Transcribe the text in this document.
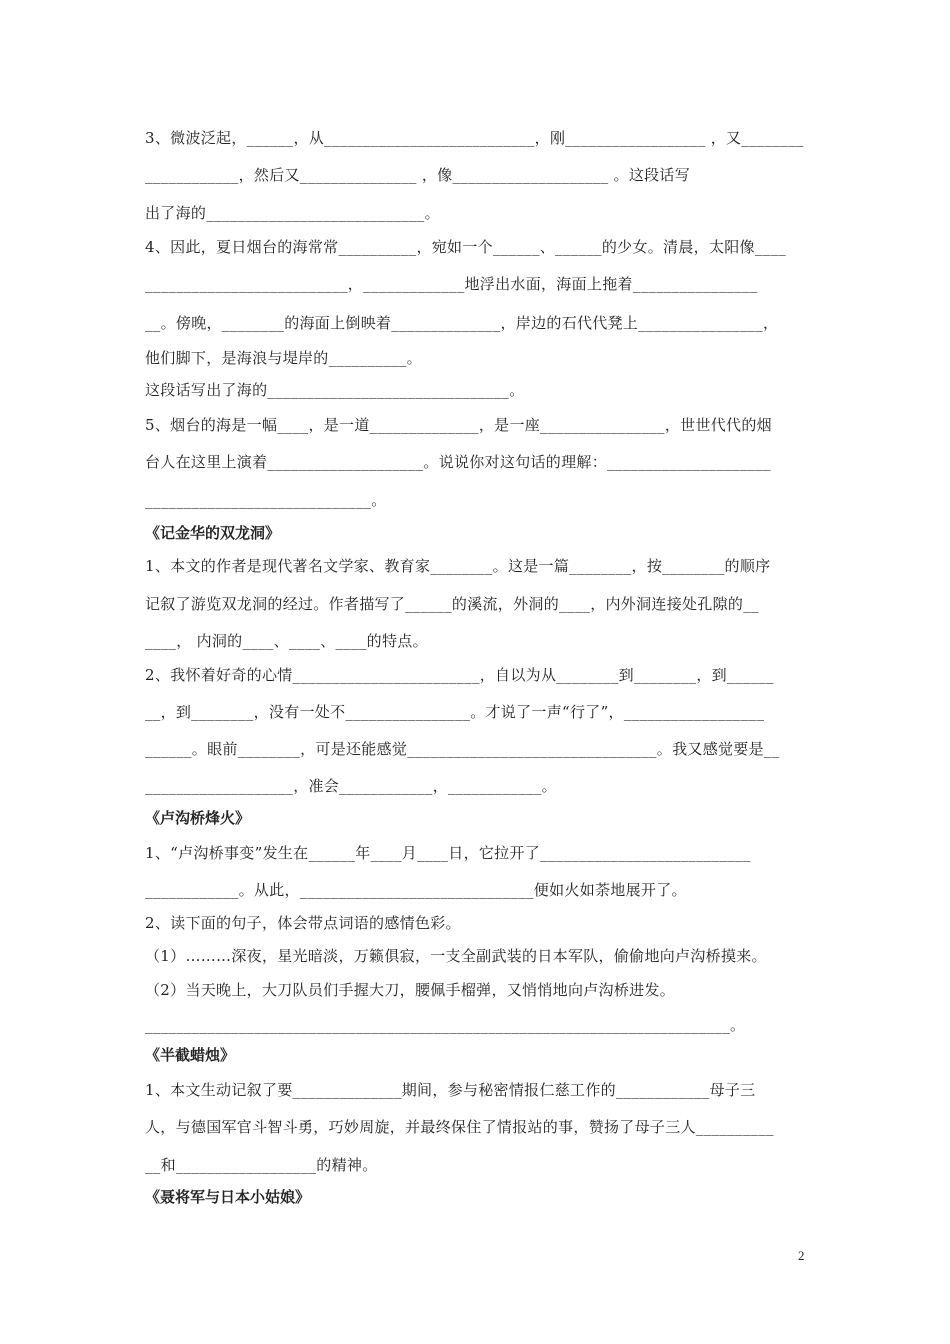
3、微波泛起，______，从___________________________，刚__________________ ，又________
____________，然后又_______________ ，像____________________ 。这段话写
出了海的____________________________。
4、因此，夏日烟台的海常常__________，宛如一个______、______的少女。清晨，太阳像____
__________________________，_____________地浮出水面，海面上拖着________________
__。傍晚，________的海面上倒映着______________，岸边的石代代凳上________________，
他们脚下，是海浪与堤岸的__________。
这段话写出了海的_______________________________。
5、烟台的海是一幅____，是一道______________，是一座________________，世世代代的烟
台人在这里上演着____________________。说说你对这句话的理解：_____________________
_____________________________。
《记金华的双龙洞》
1、本文的作者是现代著名文学家、教育家________。这是一篇________，按________的顺序
记叙了游览双龙洞的经过。作者描写了______的溪流，外洞的____，内外洞连接处孔隙的__
____， 内洞的____、____、____的特点。
2、我怀着好奇的心情________________________，自以为从________到________，到______
__，到________，没有一处不________________。才说了一声“行了”，__________________
______。眼前________，可是还能感觉________________________________。我又感觉要是__
___________________，准会____________，____________。
《卢沟桥烽火》
1、“卢沟桥事变”发生在______年____月____日，它拉开了___________________________
____________。从此，______________________________便如火如荼地展开了。
2、读下面的句子，体会带点词语的感情色彩。
（1）………深夜，星光暗淡，万籁俱寂，一支全副武装的日本军队，偷偷地向卢沟桥摸来。
（2）当天晚上，大刀队员们手握大刀，腰佩手榴弹，又悄悄地向卢沟桥进发。
___________________________________________________________________________。
《半截蜡烛》
1、本文生动记叙了要______________期间，参与秘密情报仁慈工作的____________母子三
人，与德国军官斗智斗勇，巧妙周旋，并最终保住了情报站的事，赞扬了母子三人__________
__和__________________的精神。
《聂将军与日本小姑娘》
2
